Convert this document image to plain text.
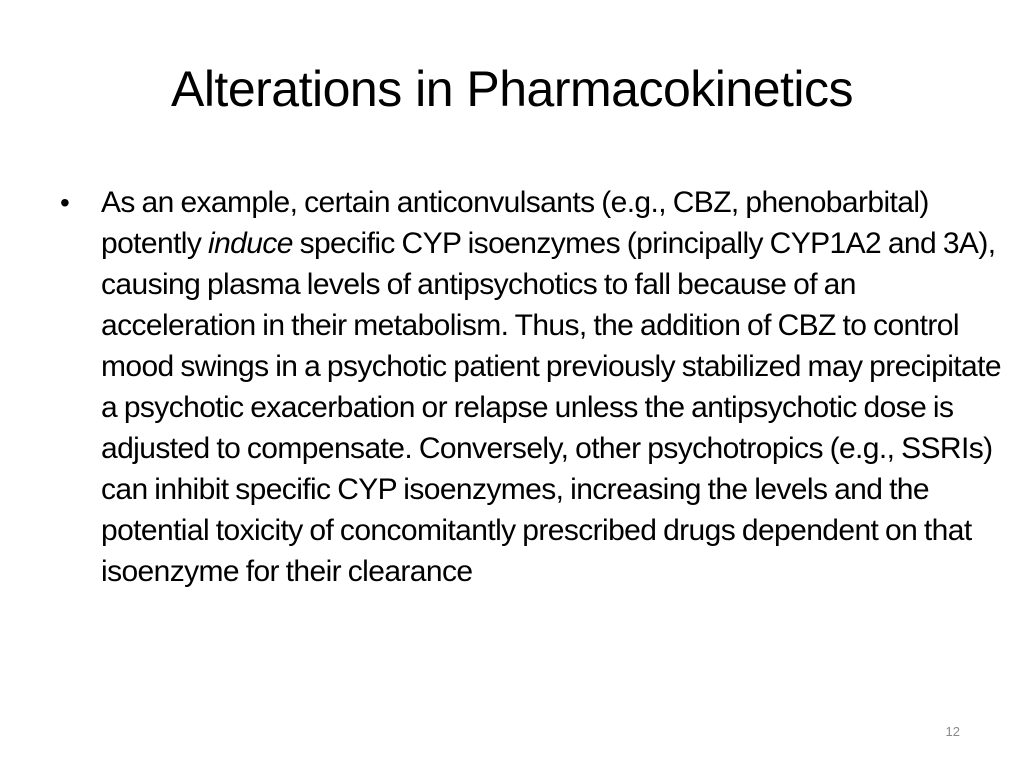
Alterations in Pharmacokinetics
•	As an example, certain anticonvulsants (e.g., CBZ, phenobarbital) potently induce specific CYP isoenzymes (principally CYP1A2 and 3A), causing plasma levels of antipsychotics to fall because of an acceleration in their metabolism. Thus, the addition of CBZ to control mood swings in a psychotic patient previously stabilized may precipitate a psychotic exacerbation or relapse unless the antipsychotic dose is adjusted to compensate. Conversely, other psychotropics (e.g., SSRIs) can inhibit specific CYP isoenzymes, increasing the levels and the potential toxicity of concomitantly prescribed drugs dependent on that isoenzyme for their clearance
12
